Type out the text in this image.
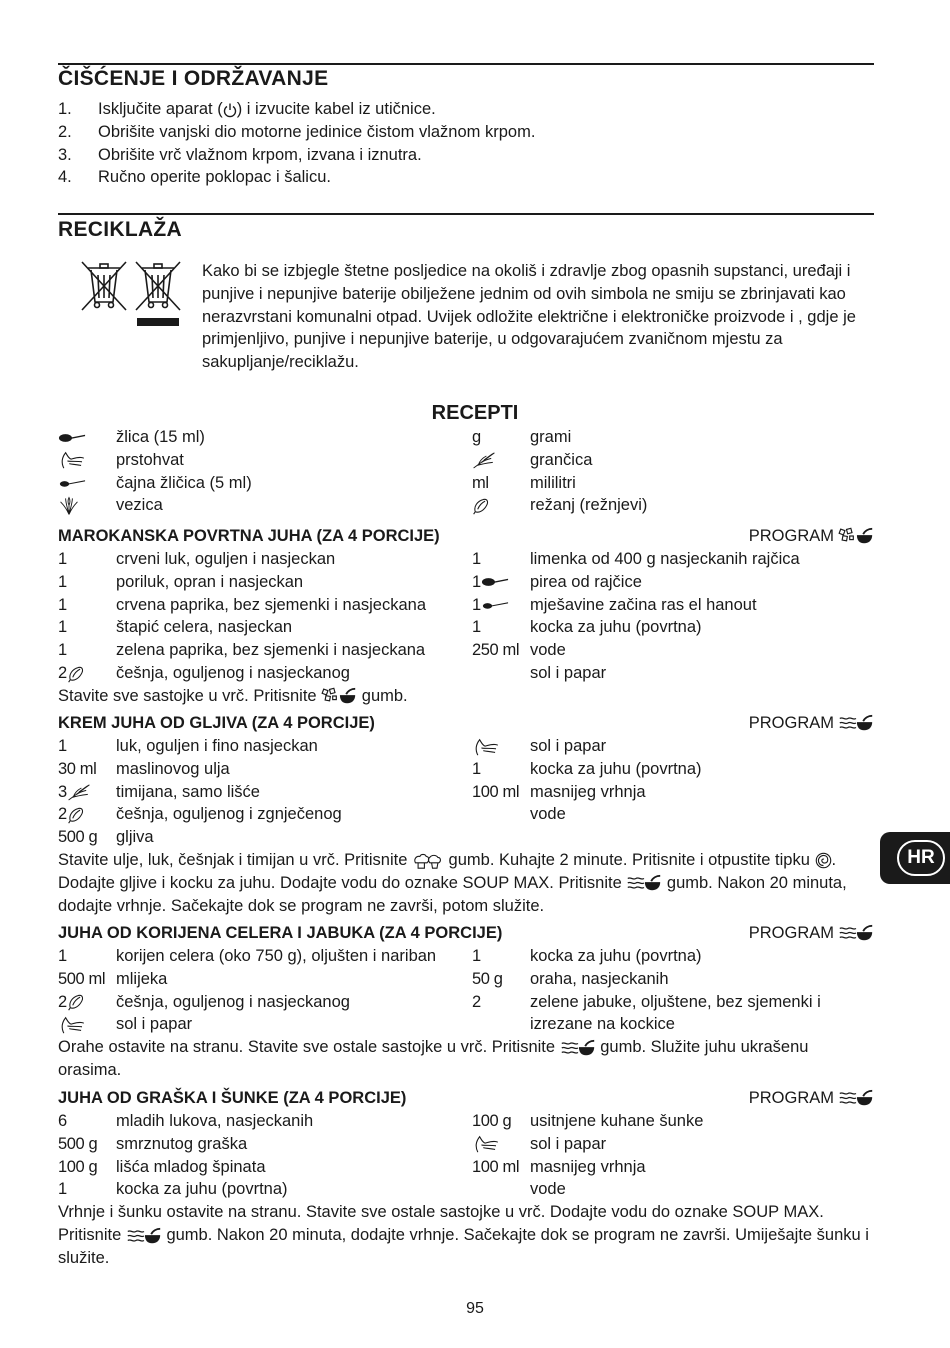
ČIŠĆENJE I ODRŽAVANJE
1.	Isključite aparat ( ) i izvucite kabel iz utičnice.
2.	Obrišite vanjski dio motorne jedinice čistom vlažnom krpom.
3.	Obrišite vrč vlažnom krpom, izvana i iznutra.
4.	Ručno operite poklopac i šalicu.
RECIKLAŽA
Kako bi se izbjegle štetne posljedice na okoliš i zdravlje zbog opasnih supstanci, uređaji i punjive i nepunjive baterije obilježene jednim od ovih simbola ne smiju se zbrinjavati kao nerazvrstani komunalni otpad. Uvijek odložite električne i elektroničke proizvode i , gdje je primjenljivo, punjive i nepunjive baterije, u odgovarajućem zvaničnom mjestu za sakupljanje/reciklažu.
RECEPTI
žlica (15 ml)	g	grami
prstohvat	grančica
čajna žličica (5 ml)	ml	mililitri
vezica	režanj (režnjevi)
MAROKANSKA POVRTNA JUHA (ZA 4 PORCIJE)	PROGRAM
1	crveni luk, oguljen i nasjeckan	1	limenka od 400 g nasjeckanih rajčica
1	poriluk, opran i nasjeckan	1	pirea od rajčice
1	crvena paprika, bez sjemenki i nasjeckana	1	mješavine začina ras el hanout
1	štapić celera, nasjeckan	1	kocka za juhu (povrtna)
1	zelena paprika, bez sjemenki i nasjeckana	250 ml vode
2	češnja, oguljenog i nasjeckanog	sol i papar
Stavite sve sastojke u vrč. Pritisnite  gumb.
KREM JUHA OD GLJIVA (ZA 4 PORCIJE)	PROGRAM
1	luk, oguljen i fino nasjeckan	sol i papar
30 ml	maslinovog ulja	1	kocka za juhu (povrtna)
3	timijana, samo lišće	100 ml masnijeg vrhnja
2	češnja, oguljenog i zgnječenog	vode
500 g	gljiva
Stavite ulje, luk, češnjak i timijan u vrč. Pritisnite  gumb. Kuhajte 2 minute. Pritisnite i otpustite tipku . Dodajte gljive i kocku za juhu. Dodajte vodu do oznake SOUP MAX. Pritisnite  gumb. Nakon 20 minuta, dodajte vrhnje. Sačekajte dok se program ne završi, potom služite.
JUHA OD KORIJENA CELERA I JABUKA (ZA 4 PORCIJE)	PROGRAM
1	korijen celera (oko 750 g), oljušten i nariban	1	kocka za juhu (povrtna)
500 ml mlijeka	50 g	oraha, nasjeckanih
2	češnja, oguljenog i nasjeckanog	2	zelene jabuke, oljuštene, bez sjemenki i
sol i papar	izrezane na kockice
Orahe ostavite na stranu. Stavite sve ostale sastojke u vrč. Pritisnite  gumb. Služite juhu ukrašenu orasima.
JUHA OD GRAŠKA I ŠUNKE (ZA 4 PORCIJE)	PROGRAM
6	mladih lukova, nasjeckanih	100 g	usitnjene kuhane šunke
500 g	smrznutog graška	sol i papar
100 g	lišća mladog špinata	100 ml masnijeg vrhnja
1	kocka za juhu (povrtna)	vode
Vrhnje i šunku ostavite na stranu. Stavite sve ostale sastojke u vrč. Dodajte vodu do oznake SOUP MAX. Pritisnite  gumb. Nakon 20 minuta, dodajte vrhnje. Sačekajte dok se program ne završi. Umiješajte šunku i služite.
HR
95
